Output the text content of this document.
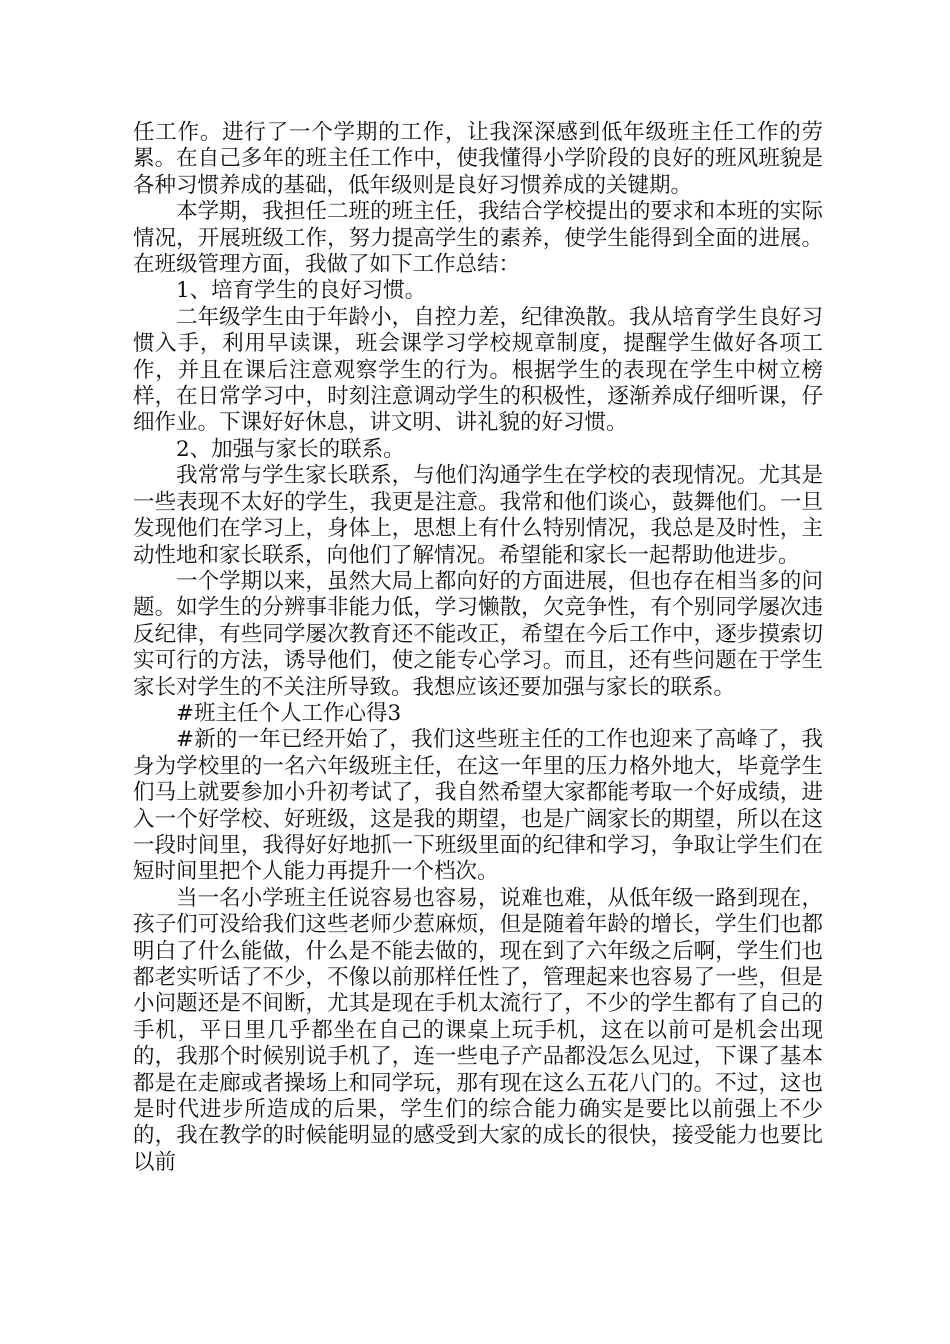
任工作。进行了一个学期的工作，让我深深感到低年级班主任工作的劳累。在自己多年的班主任工作中，使我懂得小学阶段的良好的班风班貌是各种习惯养成的基础，低年级则是良好习惯养成的关键期。

本学期，我担任二班的班主任，我结合学校提出的要求和本班的实际情况，开展班级工作，努力提高学生的素养，使学生能得到全面的进展。在班级管理方面，我做了如下工作总结：

1、培育学生的良好习惯。

二年级学生由于年龄小，自控力差，纪律涣散。我从培育学生良好习惯入手，利用早读课，班会课学习学校规章制度，提醒学生做好各项工作，并且在课后注意观察学生的行为。根据学生的表现在学生中树立榜样，在日常学习中，时刻注意调动学生的积极性，逐渐养成仔细听课，仔细作业。下课好好休息，讲文明、讲礼貌的好习惯。

2、加强与家长的联系。

我常常与学生家长联系，与他们沟通学生在学校的表现情况。尤其是一些表现不太好的学生，我更是注意。我常和他们谈心，鼓舞他们。一旦发现他们在学习上，身体上，思想上有什么特别情况，我总是及时性，主动性地和家长联系，向他们了解情况。希望能和家长一起帮助他进步。

一个学期以来，虽然大局上都向好的方面进展，但也存在相当多的问题。如学生的分辨事非能力低，学习懒散，欠竞争性，有个别同学屡次违反纪律，有些同学屡次教育还不能改正，希望在今后工作中，逐步摸索切实可行的方法，诱导他们，使之能专心学习。而且，还有些问题在于学生家长对学生的不关注所导致。我想应该还要加强与家长的联系。

#班主任个人工作心得3

#新的一年已经开始了，我们这些班主任的工作也迎来了高峰了，我身为学校里的一名六年级班主任，在这一年里的压力格外地大，毕竟学生们马上就要参加小升初考试了，我自然希望大家都能考取一个好成绩，进入一个好学校、好班级，这是我的期望，也是广阔家长的期望，所以在这一段时间里，我得好好地抓一下班级里面的纪律和学习，争取让学生们在短时间里把个人能力再提升一个档次。

当一名小学班主任说容易也容易，说难也难，从低年级一路到现在，孩子们可没给我们这些老师少惹麻烦，但是随着年龄的增长，学生们也都明白了什么能做，什么是不能去做的，现在到了六年级之后啊，学生们也都老实听话了不少，不像以前那样任性了，管理起来也容易了一些，但是小问题还是不间断，尤其是现在手机太流行了，不少的学生都有了自己的手机，平日里几乎都坐在自己的课桌上玩手机，这在以前可是机会出现的，我那个时候别说手机了，连一些电子产品都没怎么见过，下课了基本都是在走廊或者操场上和同学玩，那有现在这么五花八门的。不过，这也是时代进步所造成的后果，学生们的综合能力确实是要比以前强上不少的，我在教学的时候能明显的感受到大家的成长的很快，接受能力也要比以前
